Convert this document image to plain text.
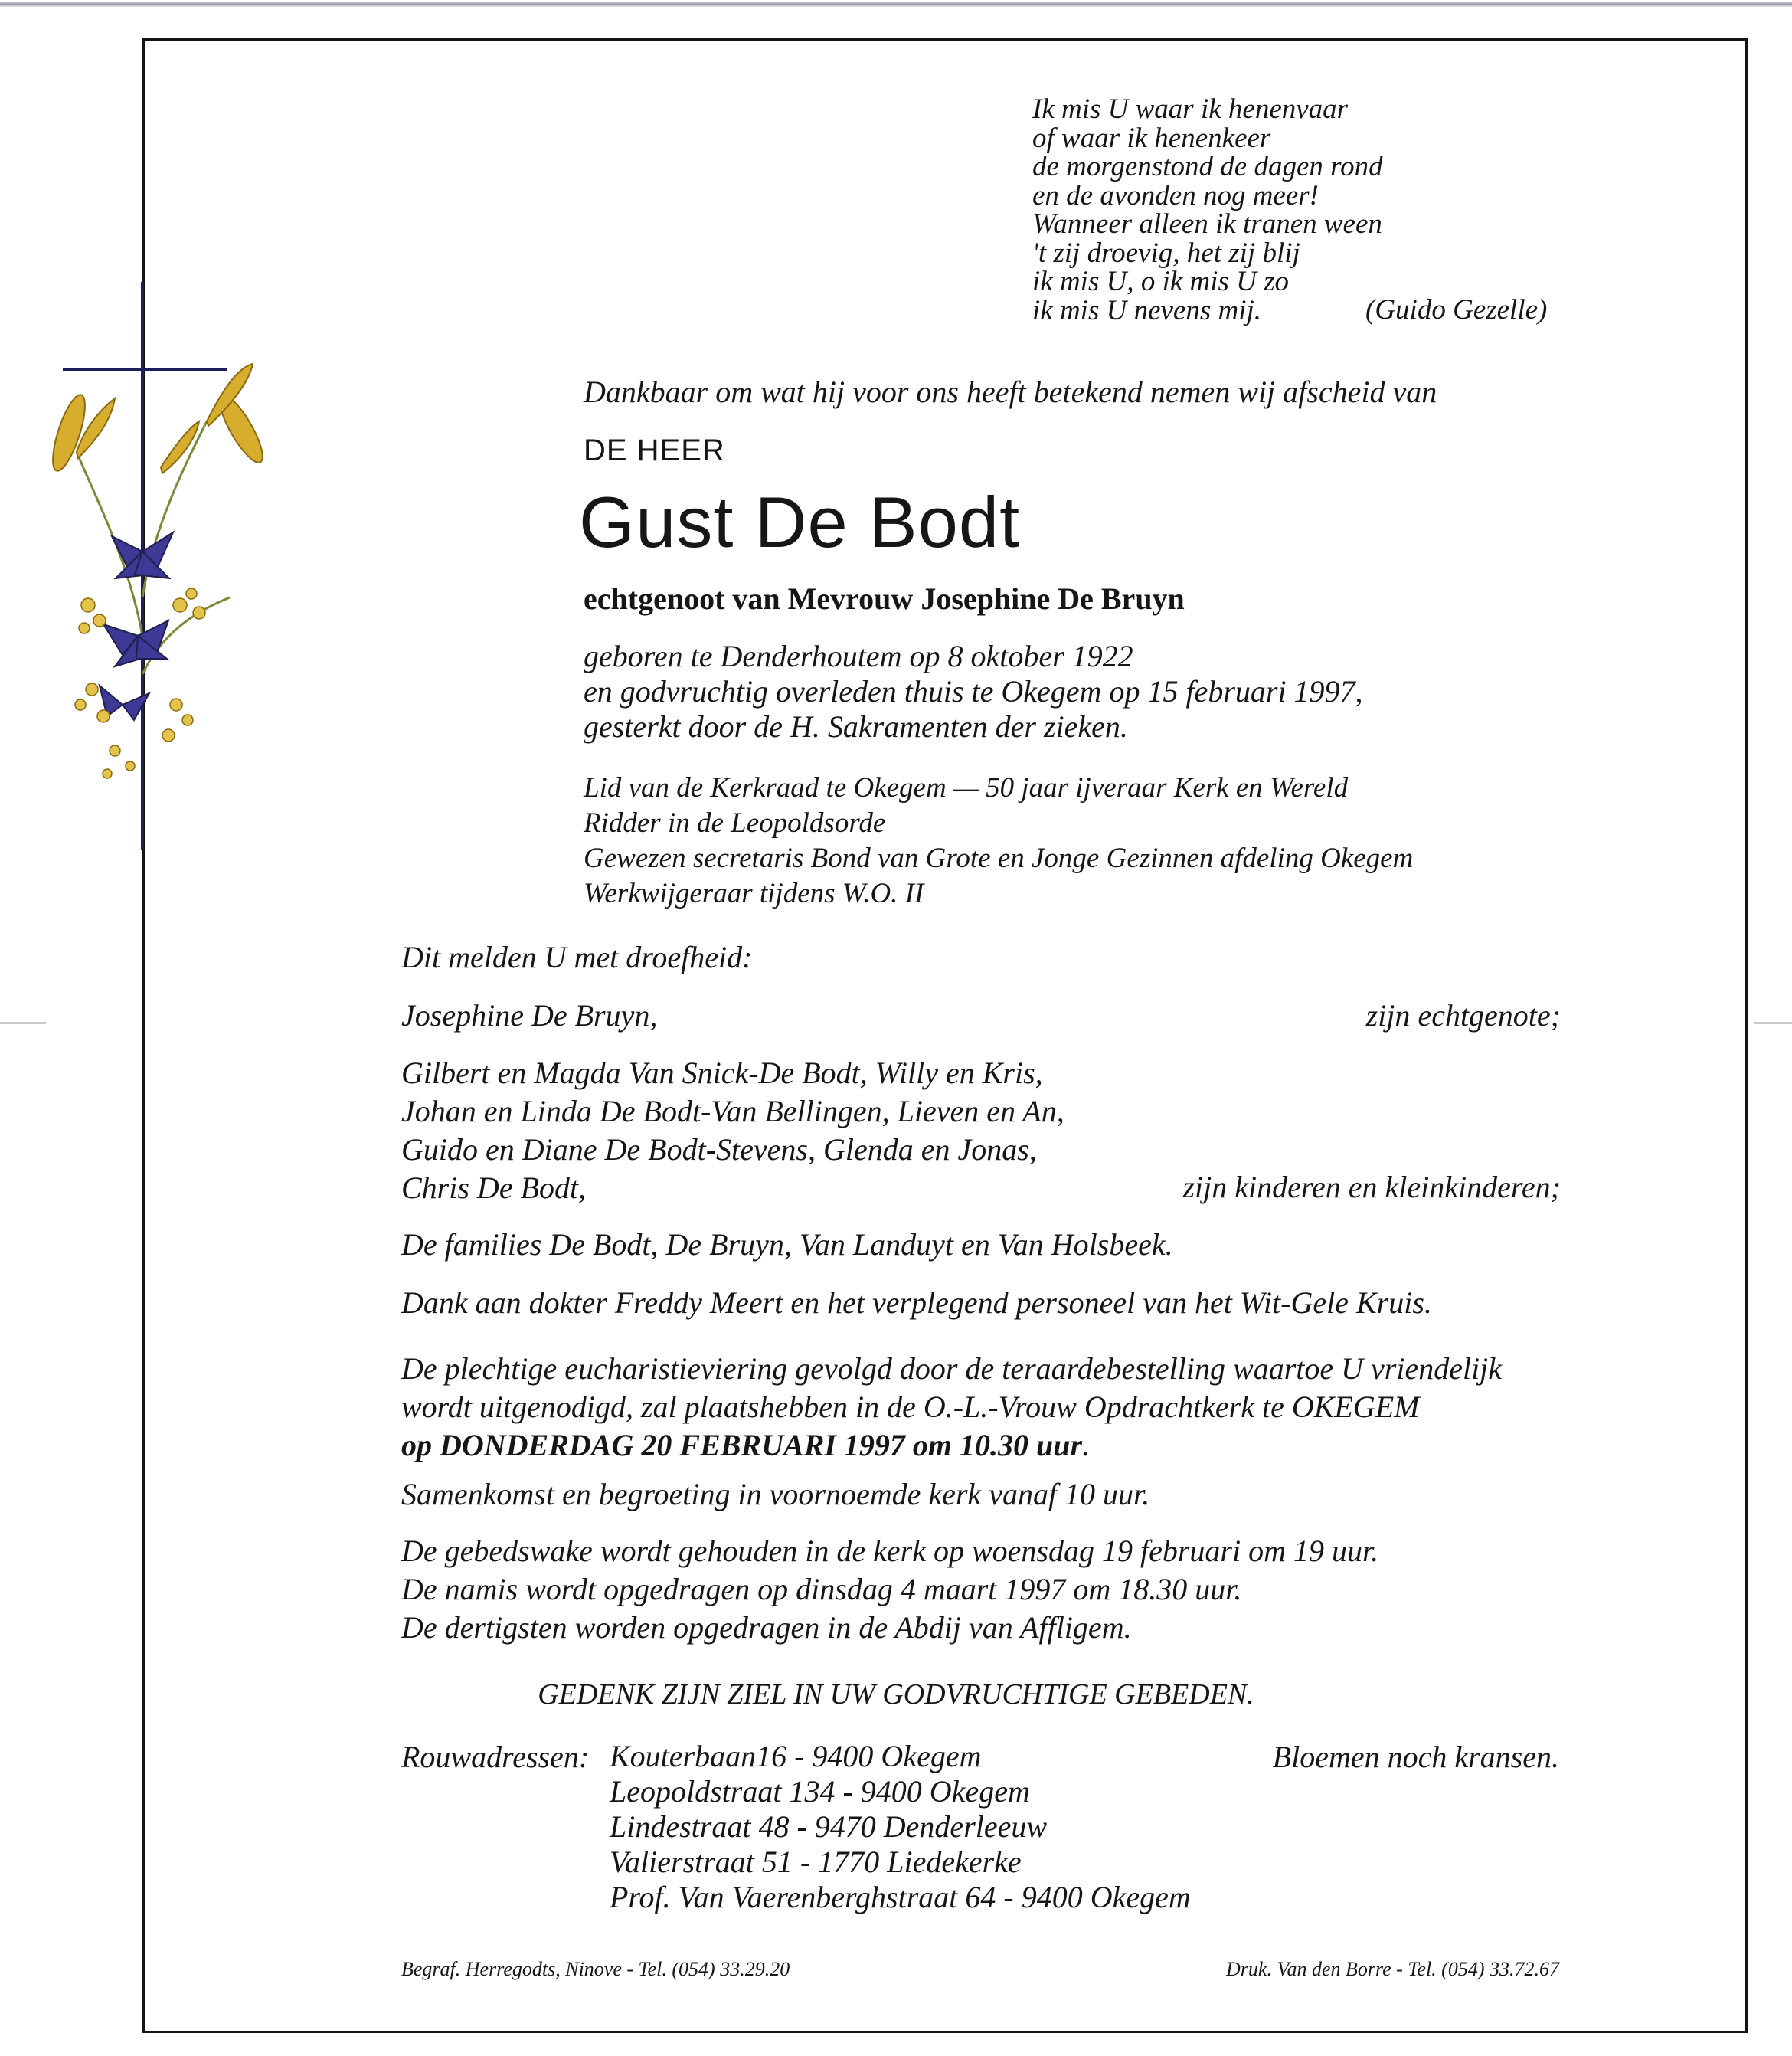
Ik mis U waar ik henenvaar
of waar ik henenkeer
de morgenstond de dagen rond
en de avonden nog meer!
Wanneer alleen ik tranen ween
't zij droevig, het zij blij
ik mis U, o ik mis U zo
ik mis U nevens mij.	(Guido Gezelle)
Dankbaar om wat hij voor ons heeft betekend nemen wij afscheid van
DE HEER
Gust De Bodt
echtgenoot van Mevrouw Josephine De Bruyn
geboren te Denderhoutem op 8 oktober 1922
en godvruchtig overleden thuis te Okegem op 15 februari 1997,
gesterkt door de H. Sakramenten der zieken.
Lid van de Kerkraad te Okegem — 50 jaar ijveraar Kerk en Wereld
Ridder in de Leopoldsorde
Gewezen secretaris Bond van Grote en Jonge Gezinnen afdeling Okegem
Werkwijgeraar tijdens W.O. II
Dit melden U met droefheid:
Josephine De Bruyn,	zijn echtgenote;
Gilbert en Magda Van Snick-De Bodt, Willy en Kris,
Johan en Linda De Bodt-Van Bellingen, Lieven en An,
Guido en Diane De Bodt-Stevens, Glenda en Jonas,
Chris De Bodt,	zijn kinderen en kleinkinderen;
De families De Bodt, De Bruyn, Van Landuyt en Van Holsbeek.
Dank aan dokter Freddy Meert en het verplegend personeel van het Wit-Gele Kruis.
De plechtige eucharistieviering gevolgd door de teraardebestelling waartoe U vriendelijk
wordt uitgenodigd, zal plaatshebben in de O.-L.-Vrouw Opdrachtkerk te OKEGEM
op DONDERDAG 20 FEBRUARI 1997 om 10.30 uur.
Samenkomst en begroeting in voornoemde kerk vanaf 10 uur.
De gebedswake wordt gehouden in de kerk op woensdag 19 februari om 19 uur.
De namis wordt opgedragen op dinsdag 4 maart 1997 om 18.30 uur.
De dertigsten worden opgedragen in de Abdij van Affligem.
GEDENK ZIJN ZIEL IN UW GODVRUCHTIGE GEBEDEN.
Rouwadressen: Kouterbaan16 - 9400 Okegem
Leopoldstraat 134 - 9400 Okegem
Lindestraat 48 - 9470 Denderleeuw
Valierstraat 51 - 1770 Liedekerke
Prof. Van Vaerenberghstraat 64 - 9400 Okegem
Bloemen noch kransen.
Begraf. Herregodts, Ninove - Tel. (054) 33.29.20	Druk. Van den Borre - Tel. (054) 33.72.67
